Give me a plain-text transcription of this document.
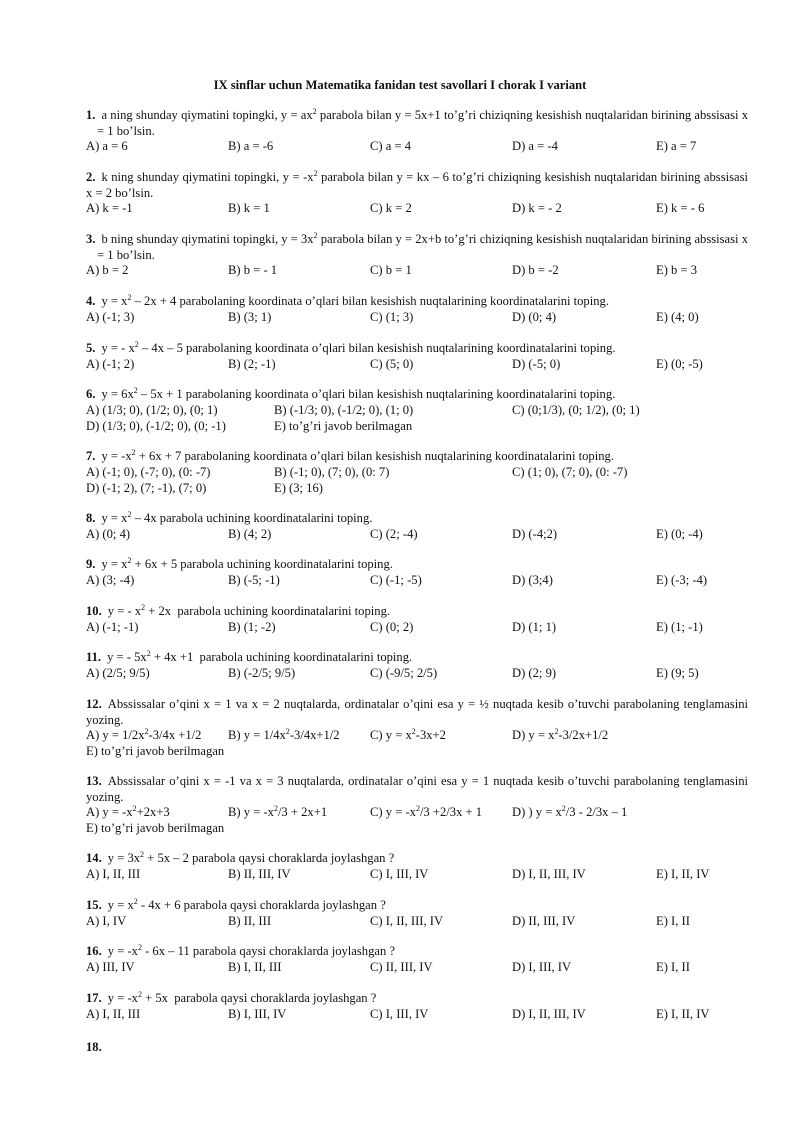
IX sinflar uchun Matematika fanidan test savollari I chorak I variant
1. a ning shunday qiymatini topingki, $y = ax^2$ parabola bilan y = 5x+1 to’g’ri chiziqning kesishish nuqtalaridan birining abssisasi x = 1 bo’lsin.
A) a = 6	B) a = -6	C) a = 4	D) a = -4	E) a = 7
2. k ning shunday qiymatini topingki, $y = -x^2$ parabola bilan y = kx – 6 to’g’ri chiziqning kesishish nuqtalaridan birining abssisasi x = 2 bo’lsin.
A) k = -1	B) k = 1	C) k = 2	D) k = - 2	E) k = - 6
3. b ning shunday qiymatini topingki, $y = 3x^2$ parabola bilan y = 2x+b to’g’ri chiziqning kesishish nuqtalaridan birining abssisasi x = 1 bo’lsin.
A) b = 2	B) b = - 1	C) b = 1	D) b = -2	E) b = 3
4. $y = x^2 - 2x + 4$ parabolaning koordinata o’qlari bilan kesishish nuqtalarining koordinatalarini toping.
A) (-1; 3)	B) (3; 1)	C) (1; 3)	D) (0; 4)	E) (4; 0)
5. y = - $x^2 - 4x - 5$ parabolaning koordinata o’qlari bilan kesishish nuqtalarining koordinatalarini toping.
A) (-1; 2)	B) (2; -1)	C) (5; 0)	D) (-5; 0)	E) (0; -5)
6. $y = 6x^2 - 5x + 1$ parabolaning koordinata o’qlari bilan kesishish nuqtalarining koordinatalarini toping.
A) (1/3; 0), (1/2; 0), (0; 1)	B) (-1/3; 0), (-1/2; 0), (1; 0)	C) (0;1/3), (0; 1/2), (0; 1)
D) (1/3; 0), (-1/2; 0), (0; -1)	E) to’g’ri javob berilmagan
7. $y = -x^2 + 6x + 7$ parabolaning koordinata o’qlari bilan kesishish nuqtalarining koordinatalarini toping.
A) (-1; 0), (-7; 0), (0: -7)	B) (-1; 0), (7; 0), (0: 7)	C) (1; 0), (7; 0), (0: -7)
D) (-1; 2), (7; -1), (7; 0)	E) (3; 16)
8. $y = x^2 - 4x$ parabola uchining koordinatalarini toping.
A) (0; 4)	B) (4; 2)	C) (2; -4)	D) (-4;2)	E) (0; -4)
9. $y = x^2 + 6x + 5$ parabola uchining koordinatalarini toping.
A) (3; -4)	B) (-5; -1)	C) (-1; -5)	D) (3;4)	E) (-3; -4)
10. y = - $x^2 + 2x$  parabola uchining koordinatalarini toping.
A) (-1; -1)	B) (1; -2)	C) (0; 2)	D) (1; 1)	E) (1; -1)
11. y = - $5x^2 + 4x +1$  parabola uchining koordinatalarini toping.
A) (2/5; 9/5)	B) (-2/5; 9/5)	C) (-9/5; 2/5)	D) (2; 9)	E) (9; 5)
12. Abssissalar o’qini x = 1 va x = 2 nuqtalarda, ordinatalar o’qini esa y = ½ nuqtada kesib o’tuvchi parabolaning tenglamasini yozing.
A) $y = 1/2x^2-3/4x +1/2$ B) $y = 1/4x^2-3/4x+1/2$ C) $y = x^2-3x+2$	D) $y = x^2-3/2x+1/2$
E) to’g’ri javob berilmagan
13. Abssissalar o’qini x = -1 va x = 3 nuqtalarda, ordinatalar o’qini esa y = 1 nuqtada kesib o’tuvchi parabolaning tenglamasini yozing.
A) $y = -x^2+2x+3$	B) $y = -x^2/3 + 2x+1$	C) $y = -x^2/3 +2/3x + 1$ D) ) $y = x^2/3 - 2/3x - 1$
E) to’g’ri javob berilmagan
14. $y = 3x^2 + 5x - 2$ parabola qaysi choraklarda joylashgan ?
A) I, II, III	B) II, III, IV	C) I, III, IV	D) I, II, III, IV	E) I, II, IV
15. $y = x^2 - 4x + 6$ parabola qaysi choraklarda joylashgan ?
A) I, IV	B) II, III	C) I, II, III, IV	D) II, III, IV	E) I, II
16. $y = -x^2 - 6x - 11$ parabola qaysi choraklarda joylashgan ?
A) III, IV	B) I, II, III	C) II, III, IV	D) I, III, IV	E) I, II
17. $y = -x^2 + 5x$  parabola qaysi choraklarda joylashgan ?
A) I, II, III	B) I, III, IV	C) I, III, IV	D) I, II, III, IV	E) I, II, IV
18.
